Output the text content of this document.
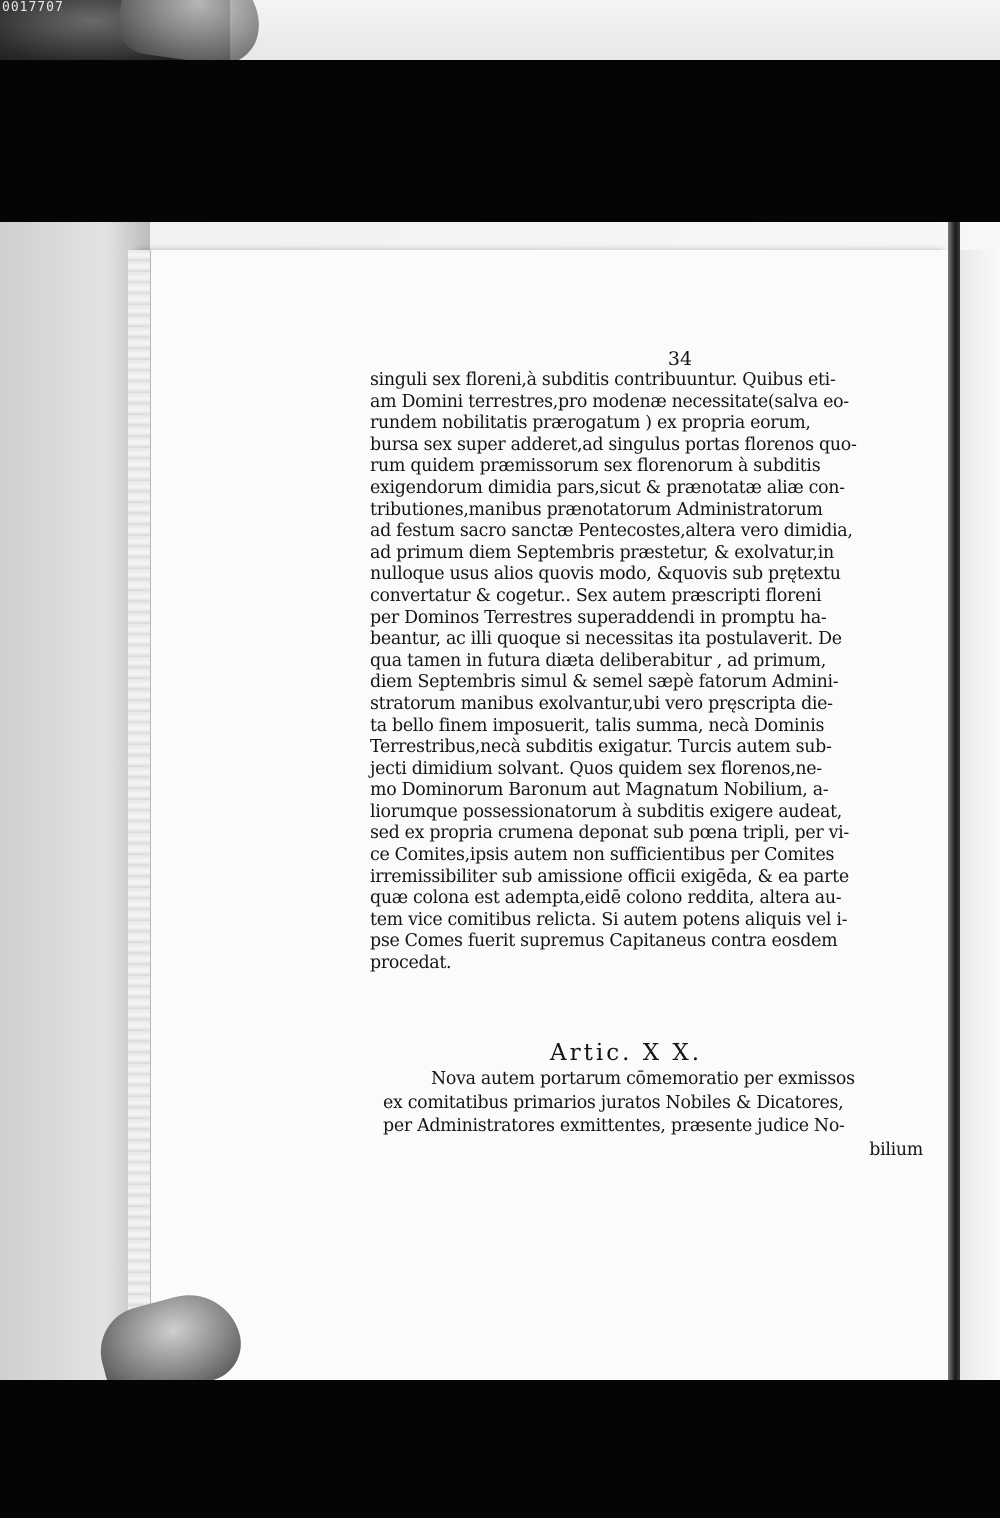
0017707
34
singuli sex floreni,à subditis contribuuntur. Quibus eti-
am Domini terrestres,pro modenæ necessitate(salva eo-
rundem nobilitatis prærogatum ) ex propria eorum,
bursa sex super adderet,ad singulus portas florenos quo-
rum quidem præmissorum sex florenorum à subditis
exigendorum dimidia pars,sicut & prænotatæ aliæ con-
tributiones,manibus prænotatorum Administratorum
ad festum sacro sanctæ Pentecostes,altera vero dimidia,
ad primum diem Septembris præstetur, & exolvatur,in
nulloque usus alios quovis modo, &quovis sub prętextu
convertatur & cogetur.. Sex autem præscripti floreni
per Dominos Terrestres superaddendi in promptu ha-
beantur, ac illi quoque si necessitas ita postulaverit. De
qua tamen in futura diæta deliberabitur , ad primum,
diem Septembris simul & semel sæpè fatorum Admini-
stratorum manibus exolvantur,ubi vero pręscripta die-
ta bello finem imposuerit, talis summa, necà Dominis
Terrestribus,necà subditis exigatur. Turcis autem sub-
jecti dimidium solvant. Quos quidem sex florenos,ne-
mo Dominorum Baronum aut Magnatum Nobilium, a-
liorumque possessionatorum à subditis exigere audeat,
sed ex propria crumena deponat sub pœna tripli, per vi-
ce Comites,ipsis autem non sufficientibus per Comites
irremissibiliter sub amissione officii exigēda, & ea parte
quæ colona est adempta,eidē colono reddita, altera au-
tem vice comitibus relicta. Si autem potens aliquis vel i-
pse Comes fuerit supremus Capitaneus contra eosdem
procedat.
Artic. X X.
Nova autem portarum cōmemoratio per exmissos
ex comitatibus primarios juratos Nobiles & Dicatores,
per Administratores exmittentes, præsente judice No-
bilium
